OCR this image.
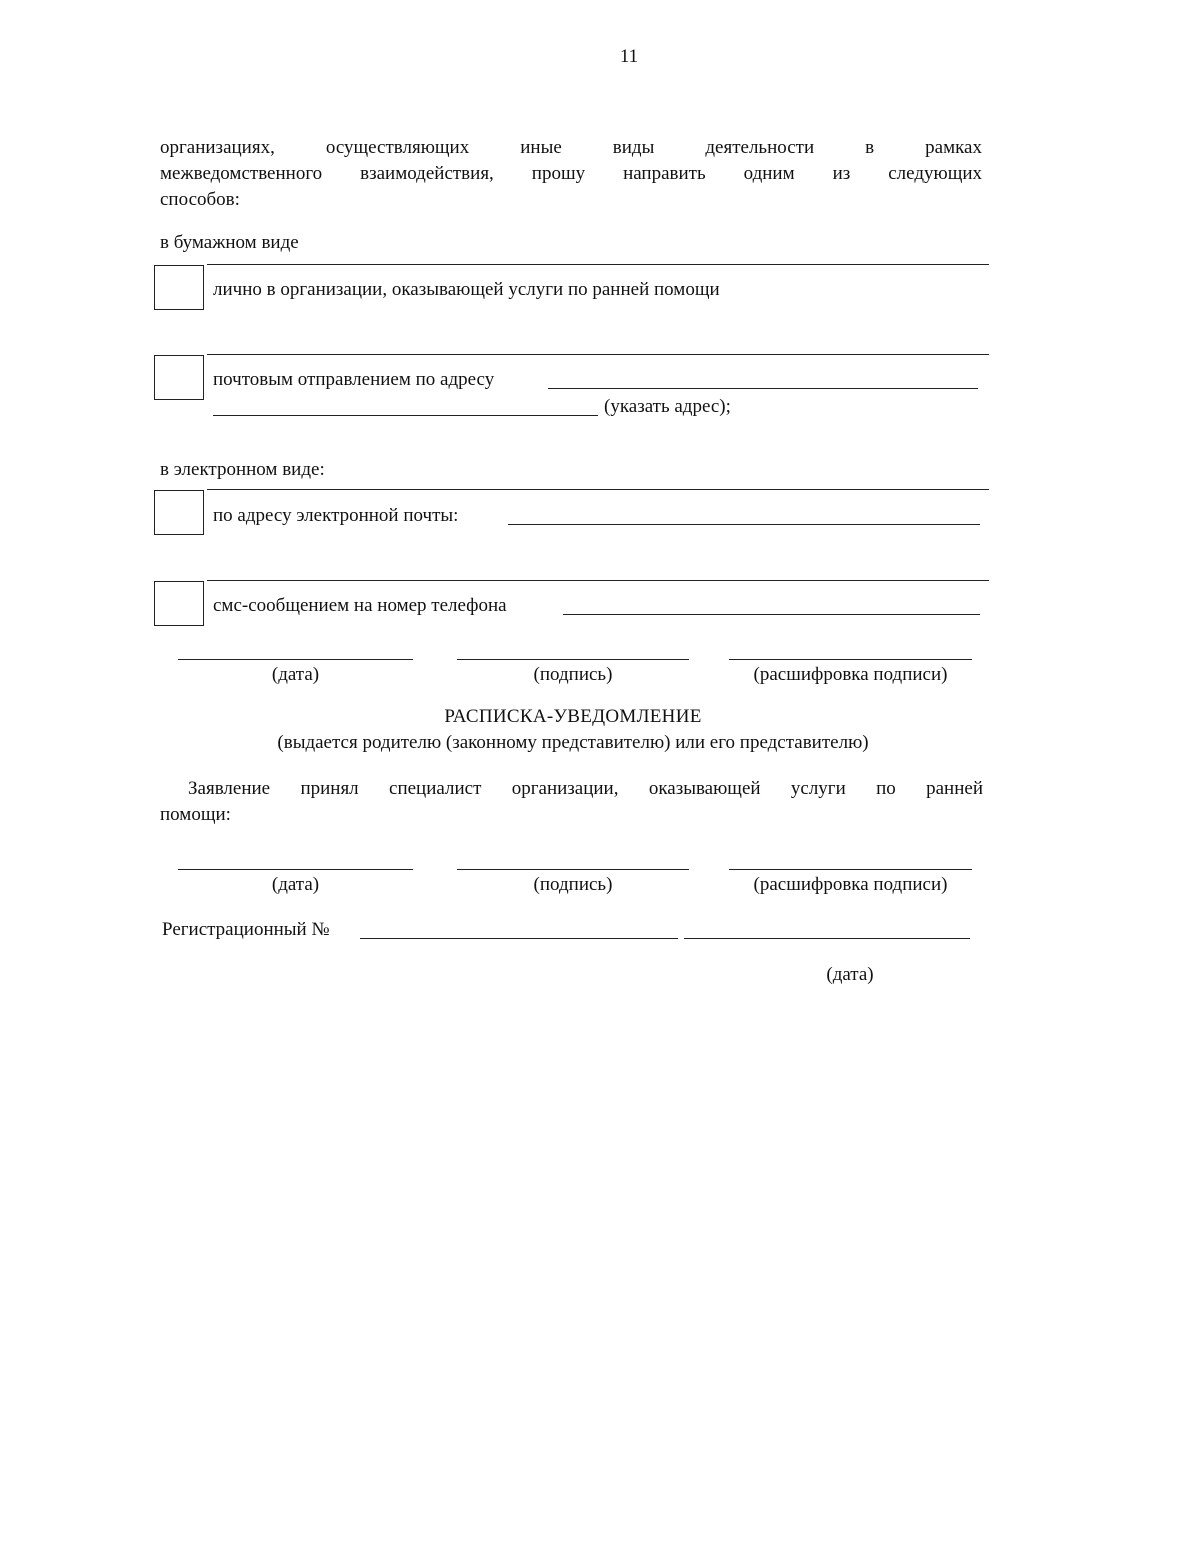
11

организациях, осуществляющих иные виды деятельности в рамках

межведомственного взаимодействия, прошу направить одним из следующих

способов:

в бумажном виде
лично в организации, оказывающей услуги по ранней помощи
почтовым отправлением по адресу
(указать адрес);
в электронном виде:
по адресу электронной почты:
смс-сообщением на номер телефона
(дата)	(подпись)	(расшифровка подписи)
РАСПИСКА-УВЕДОМЛЕНИЕ
(выдается родителю (законному представителю) или его представителю)

Заявление принял специалист организации, оказывающей услуги по ранней

помощи:

(дата)	(подпись)	(расшифровка подписи)
Регистрационный №
(дата)
